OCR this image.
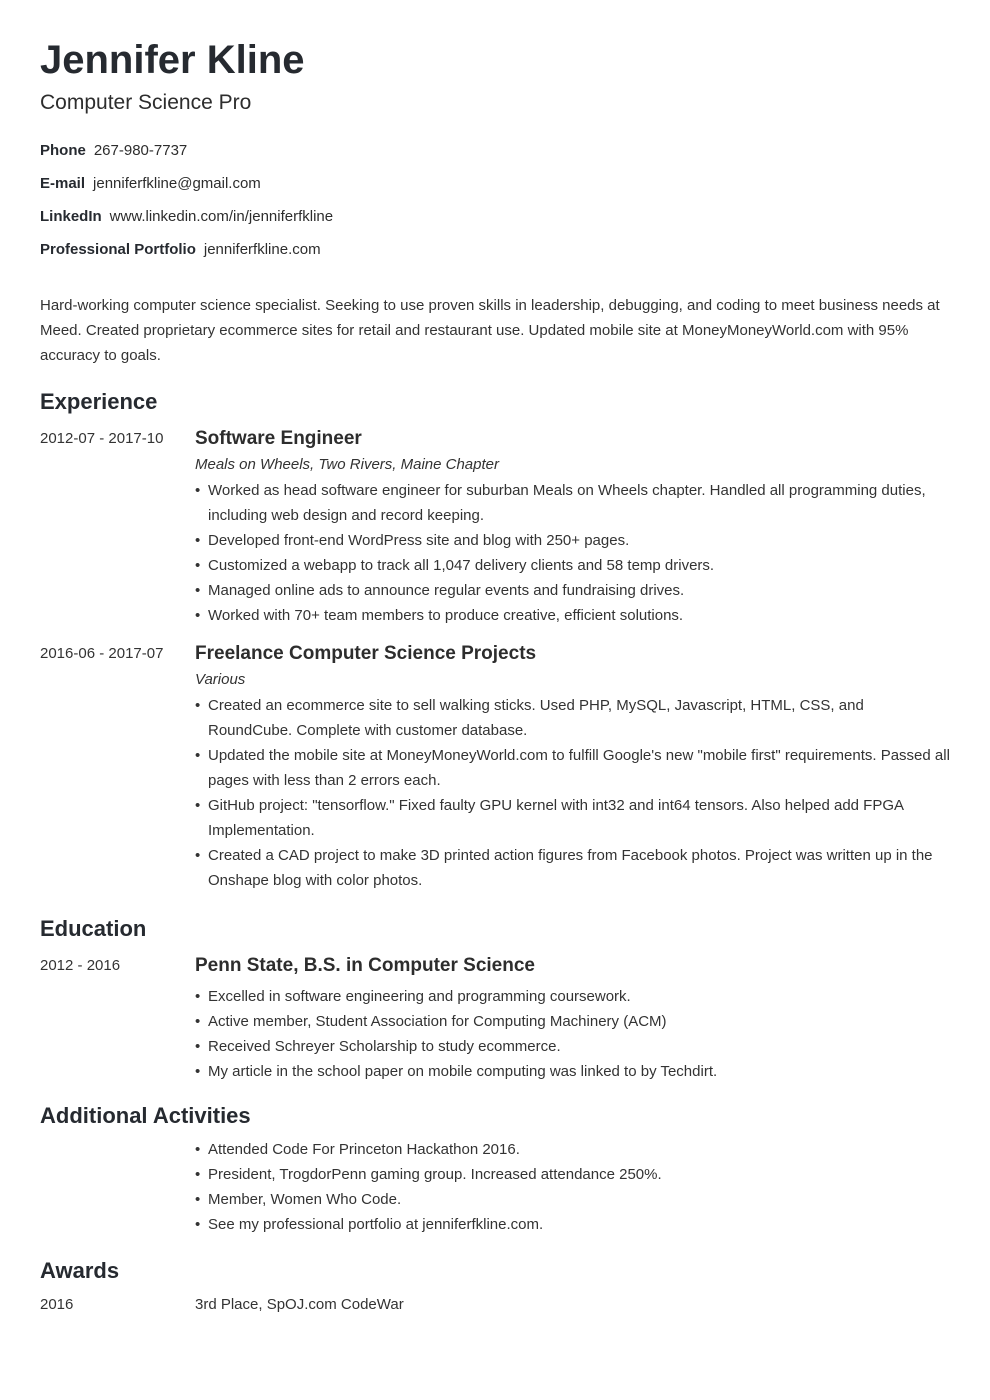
Jennifer Kline
Computer Science Pro
Phone 267-980-7737
E-mail jenniferfkline@gmail.com
LinkedIn www.linkedin.com/in/jenniferfkline
Professional Portfolio jenniferfkline.com
Hard-working computer science specialist. Seeking to use proven skills in leadership, debugging, and coding to meet business needs at Meed. Created proprietary ecommerce sites for retail and restaurant use. Updated mobile site at MoneyMoneyWorld.com with 95% accuracy to goals.
Experience
2012-07 - 2017-10 Software Engineer
Meals on Wheels, Two Rivers, Maine Chapter
• Worked as head software engineer for suburban Meals on Wheels chapter. Handled all programming duties, including web design and record keeping.
• Developed front-end WordPress site and blog with 250+ pages.
• Customized a webapp to track all 1,047 delivery clients and 58 temp drivers.
• Managed online ads to announce regular events and fundraising drives.
• Worked with 70+ team members to produce creative, efficient solutions.
2016-06 - 2017-07 Freelance Computer Science Projects
Various
• Created an ecommerce site to sell walking sticks. Used PHP, MySQL, Javascript, HTML, CSS, and RoundCube. Complete with customer database.
• Updated the mobile site at MoneyMoneyWorld.com to fulfill Google's new "mobile first" requirements. Passed all pages with less than 2 errors each.
• GitHub project: "tensorflow." Fixed faulty GPU kernel with int32 and int64 tensors. Also helped add FPGA Implementation.
• Created a CAD project to make 3D printed action figures from Facebook photos. Project was written up in the Onshape blog with color photos.
Education
2012 - 2016	Penn State, B.S. in Computer Science
• Excelled in software engineering and programming coursework.
• Active member, Student Association for Computing Machinery (ACM)
• Received Schreyer Scholarship to study ecommerce.
• My article in the school paper on mobile computing was linked to by Techdirt.
Additional Activities
• Attended Code For Princeton Hackathon 2016.
• President, TrogdorPenn gaming group. Increased attendance 250%.
• Member, Women Who Code.
• See my professional portfolio at jenniferfkline.com.
Awards
2016	3rd Place, SpOJ.com CodeWar
